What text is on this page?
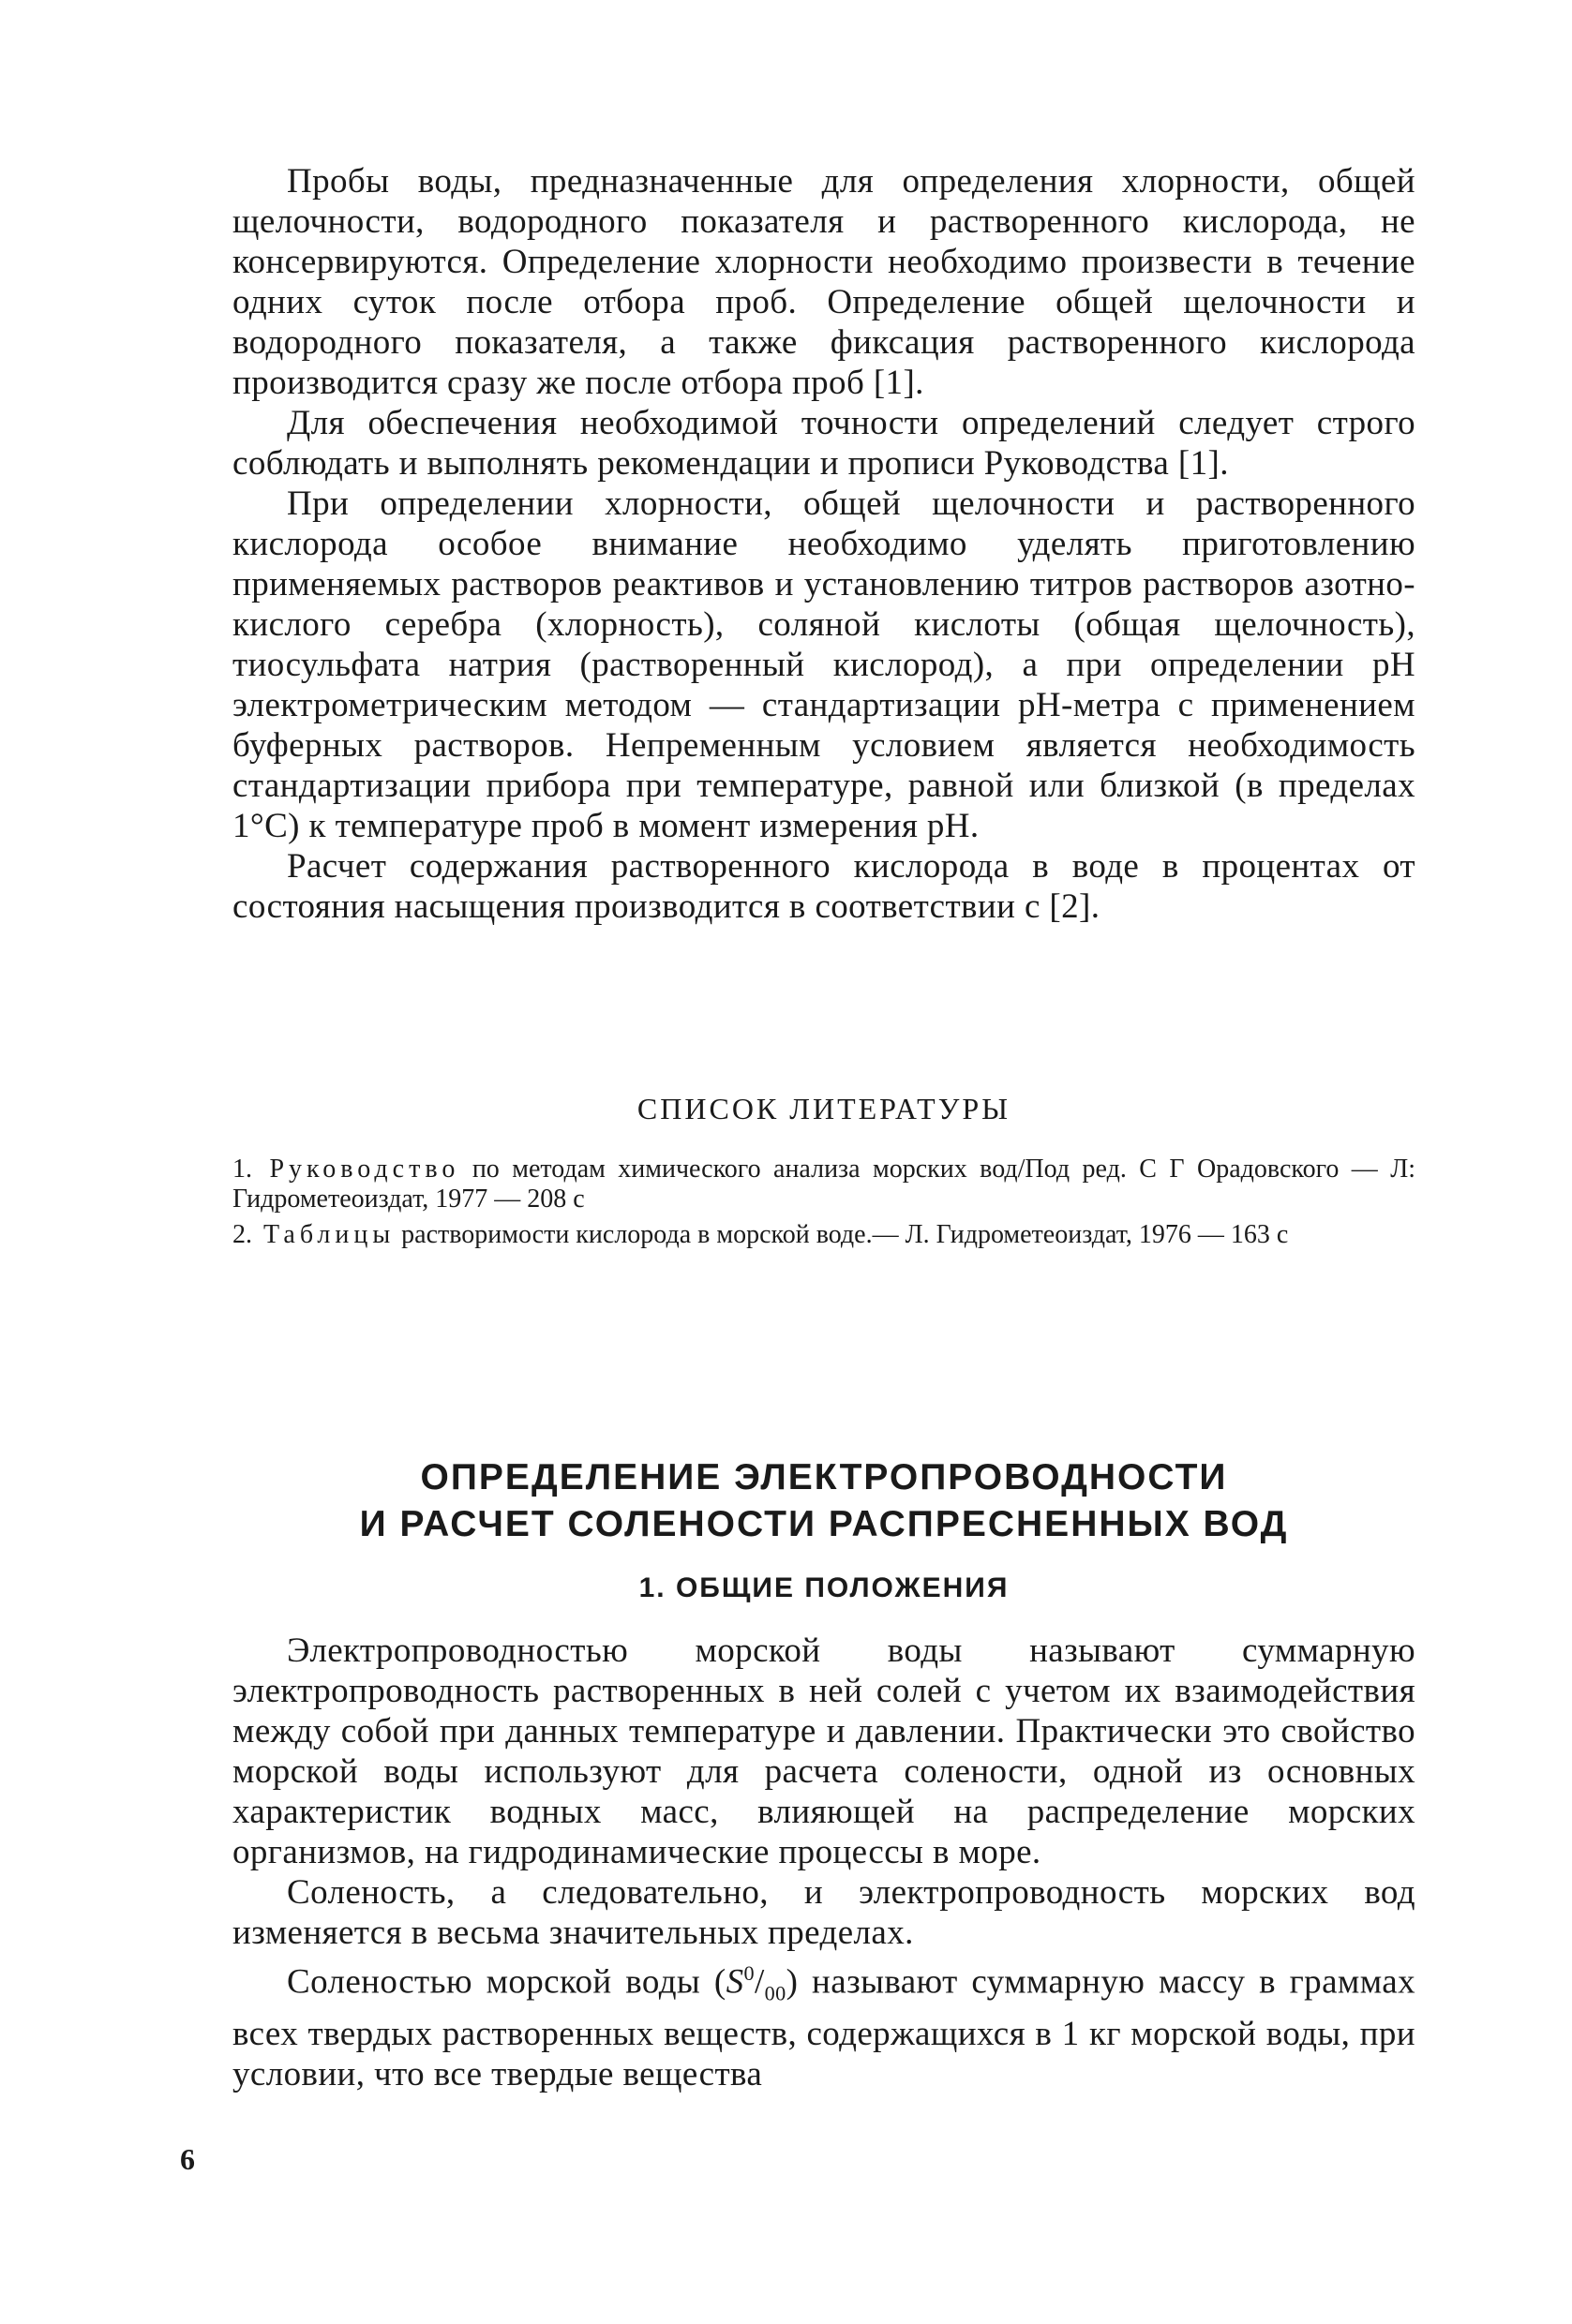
Пробы воды, предназначенные для определения хлорности, общей щелочности, водородного показателя и растворенного кислорода, не консервируются. Определение хлорности необходимо произвести в течение одних суток после отбора проб. Определение общей щелочности и водородного показателя, а также фиксация растворенного кислорода производится сразу же после отбора проб [1].

Для обеспечения необходимой точности определений следует строго соблюдать и выполнять рекомендации и прописи Руководства [1].

При определении хлорности, общей щелочности и растворенного кислорода особое внимание необходимо уделять приготовлению применяемых растворов реактивов и установлению титров растворов азотно-кислого серебра (хлорность), соляной кислоты (общая щелочность), тиосульфата натрия (растворенный кислород), а при определении pH электрометрическим методом — стандартизации pH-метра с применением буферных растворов. Непременным условием является необходимость стандартизации прибора при температуре, равной или близкой (в пределах 1°C) к температуре проб в момент измерения pH.

Расчет содержания растворенного кислорода в воде в процентах от состояния насыщения производится в соответствии с [2].

СПИСОК ЛИТЕРАТУРЫ

1. Руководство по методам химического анализа морских вод/Под ред. С Г Орадовского — Л: Гидрометеоиздат, 1977 — 208 с
2. Таблицы растворимости кислорода в морской воде.— Л. Гидрометеоиздат, 1976 — 163 с
ОПРЕДЕЛЕНИЕ ЭЛЕКТРОПРОВОДНОСТИ
И РАСЧЕТ СОЛЕНОСТИ РАСПРЕСНЕННЫХ ВОД
1. ОБЩИЕ ПОЛОЖЕНИЯ

Электропроводностью морской воды называют суммарную электропроводность растворенных в ней солей с учетом их взаимодействия между собой при данных температуре и давлении. Практически это свойство морской воды используют для расчета солености, одной из основных характеристик водных масс, влияющей на распределение морских организмов, на гидродинамические процессы в море.

Соленость, а следовательно, и электропроводность морских вод изменяется в весьма значительных пределах.

Соленостью морской воды $(S^0/_{00})$ называют суммарную массу в граммах всех твердых растворенных веществ, содержащихся в 1 кг морской воды, при условии, что все твердые вещества

6
